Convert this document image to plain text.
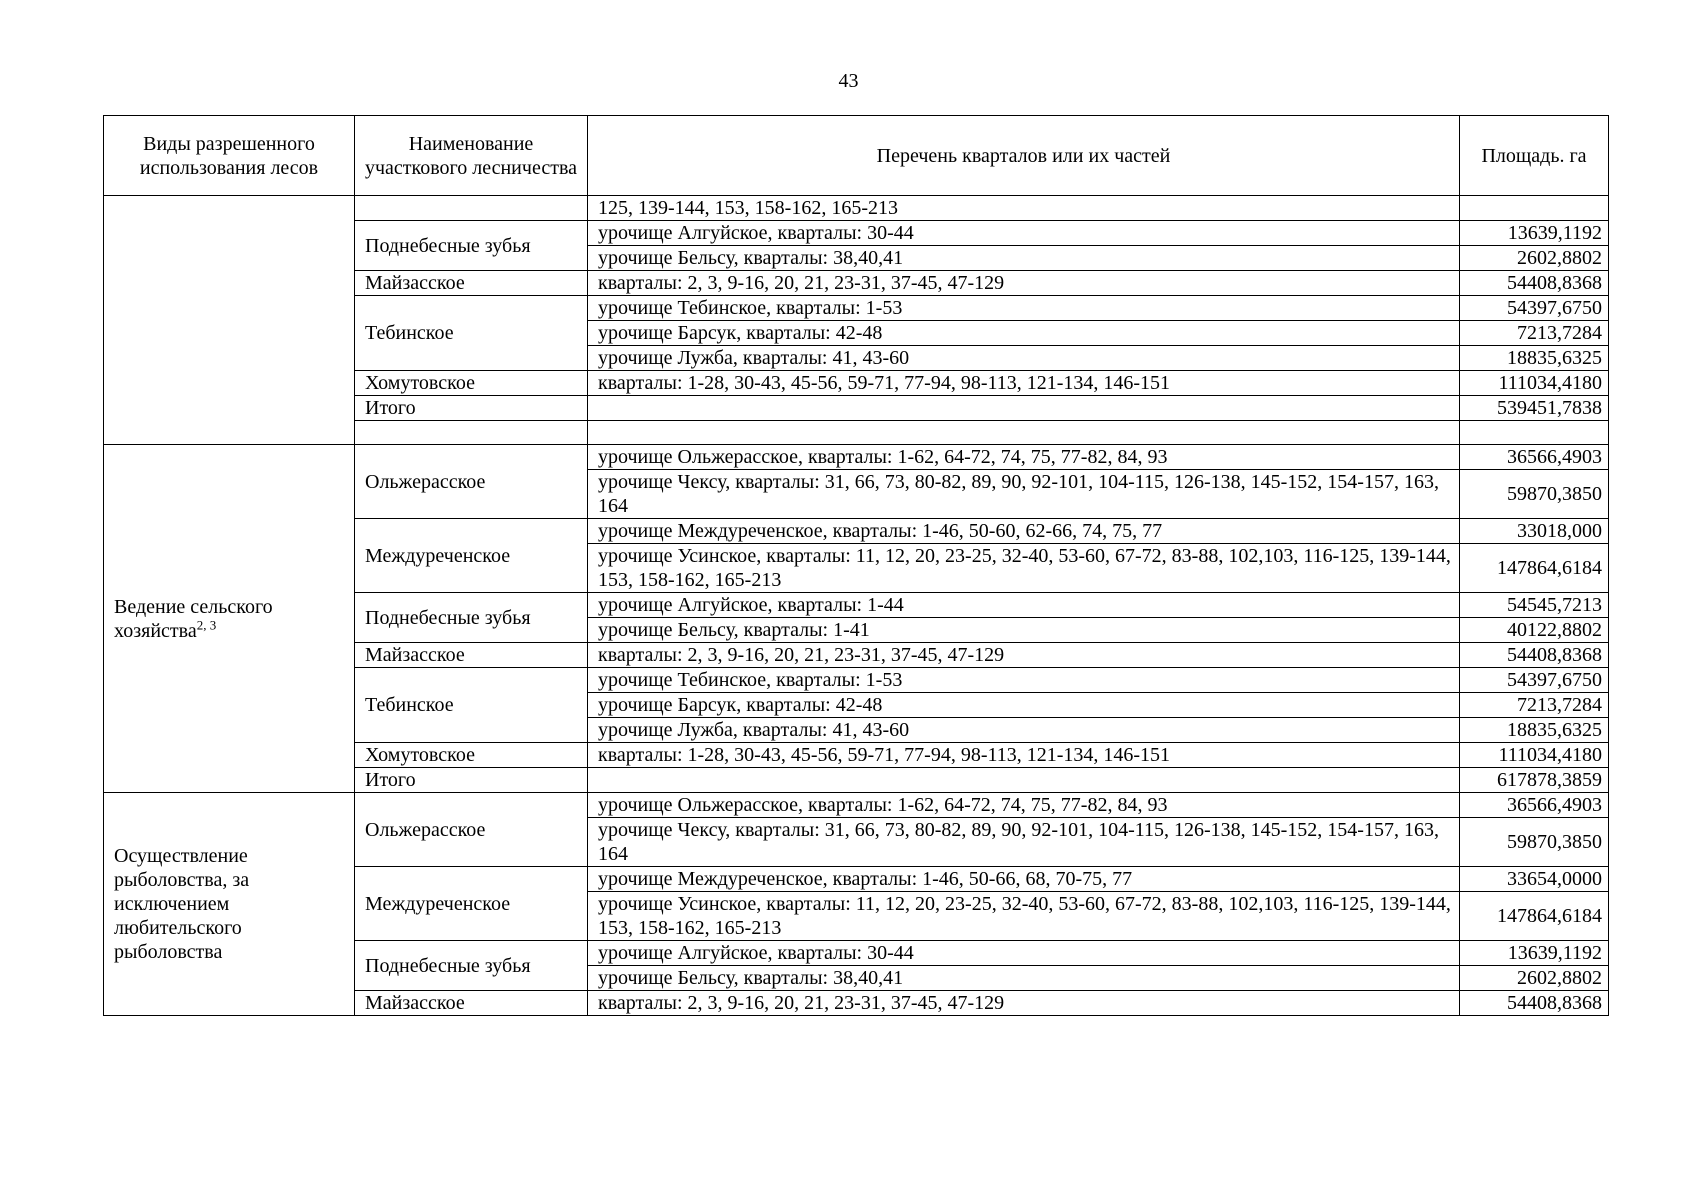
43
Виды разрешенного использования лесов	Наименование участкового лесничества	Перечень кварталов или их частей	Площадь. га
		125, 139-144, 153, 158-162, 165-213	
	Поднебесные зубья	урочище Алгуйское, кварталы: 30-44	13639,1192
		урочище Бельсу, кварталы: 38,40,41	2602,8802
	Майзасское	кварталы: 2, 3, 9-16, 20, 21, 23-31, 37-45, 47-129	54408,8368
	Тебинское	урочище Тебинское, кварталы: 1-53	54397,6750
		урочище Барсук, кварталы: 42-48	7213,7284
		урочище Лужба, кварталы: 41, 43-60	18835,6325
	Хомутовское	кварталы: 1-28, 30-43, 45-56, 59-71, 77-94, 98-113, 121-134, 146-151	111034,4180
	Итого		539451,7838

Ведение сельского хозяйства$^{2, 3}$	Ольжерасское	урочище Ольжерасское, кварталы: 1-62, 64-72, 74, 75, 77-82, 84, 93	36566,4903
		урочище Чексу, кварталы: 31, 66, 73, 80-82, 89, 90, 92-101, 104-115, 126-138, 145-152, 154-157, 163, 164	59870,3850
	Междуреченское	урочище Междуреченское, кварталы: 1-46, 50-60, 62-66, 74, 75, 77	33018,000
		урочище Усинское, кварталы: 11, 12, 20, 23-25, 32-40, 53-60, 67-72, 83-88, 102,103, 116-125, 139-144, 153, 158-162, 165-213	147864,6184
	Поднебесные зубья	урочище Алгуйское, кварталы: 1-44	54545,7213
		урочище Бельсу, кварталы: 1-41	40122,8802
	Майзасское	кварталы: 2, 3, 9-16, 20, 21, 23-31, 37-45, 47-129	54408,8368
	Тебинское	урочище Тебинское, кварталы: 1-53	54397,6750
		урочище Барсук, кварталы: 42-48	7213,7284
		урочище Лужба, кварталы: 41, 43-60	18835,6325
	Хомутовское	кварталы: 1-28, 30-43, 45-56, 59-71, 77-94, 98-113, 121-134, 146-151	111034,4180
	Итого		617878,3859
Осуществление рыболовства, за исключением любительского рыболовства	Ольжерасское	урочище Ольжерасское, кварталы: 1-62, 64-72, 74, 75, 77-82, 84, 93	36566,4903
		урочище Чексу, кварталы: 31, 66, 73, 80-82, 89, 90, 92-101, 104-115, 126-138, 145-152, 154-157, 163, 164	59870,3850
	Междуреченское	урочище Междуреченское, кварталы: 1-46, 50-66, 68, 70-75, 77	33654,0000
		урочище Усинское, кварталы: 11, 12, 20, 23-25, 32-40, 53-60, 67-72, 83-88, 102,103, 116-125, 139-144, 153, 158-162, 165-213	147864,6184
	Поднебесные зубья	урочище Алгуйское, кварталы: 30-44	13639,1192
		урочище Бельсу, кварталы: 38,40,41	2602,8802
	Майзасское	кварталы: 2, 3, 9-16, 20, 21, 23-31, 37-45, 47-129	54408,8368
